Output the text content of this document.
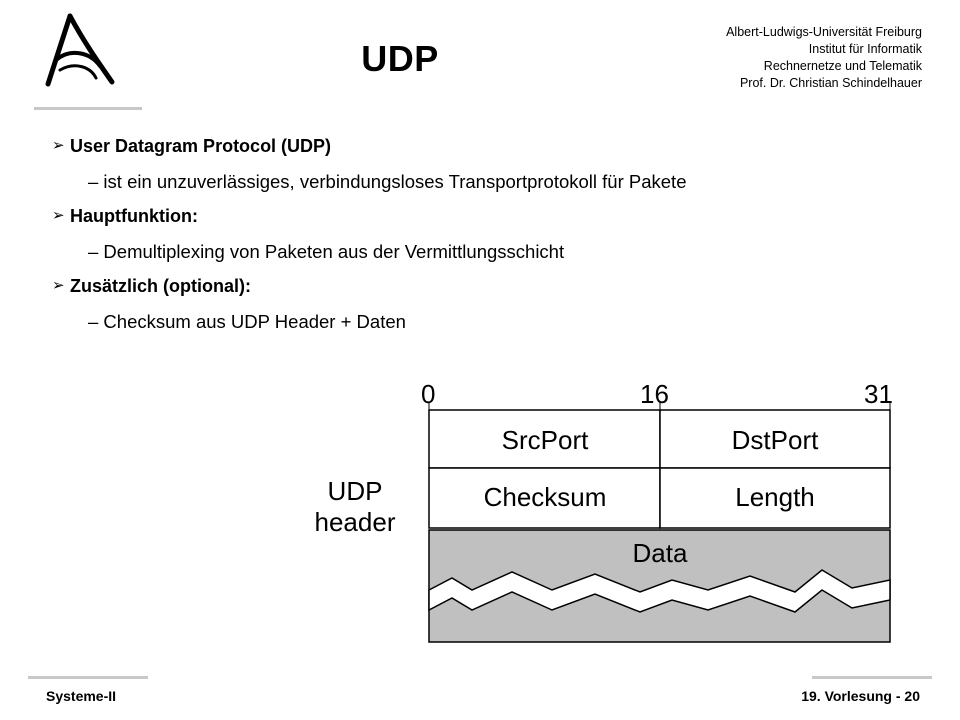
UDP
Albert-Ludwigs-Universität Freiburg
Institut für Informatik
Rechnernetze und Telematik
Prof. Dr. Christian Schindelhauer
➢ User Datagram Protocol (UDP)
– ist ein unzuverlässiges, verbindungsloses Transportprotokoll für Pakete
➢ Hauptfunktion:
– Demultiplexing von Paketen aus der Vermittlungsschicht
➢ Zusätzlich (optional):
– Checksum aus UDP Header + Daten
0	16	31
SrcPort	DstPort
Checksum	Length
Data
UDP
header
Systeme-II	19. Vorlesung - 20
